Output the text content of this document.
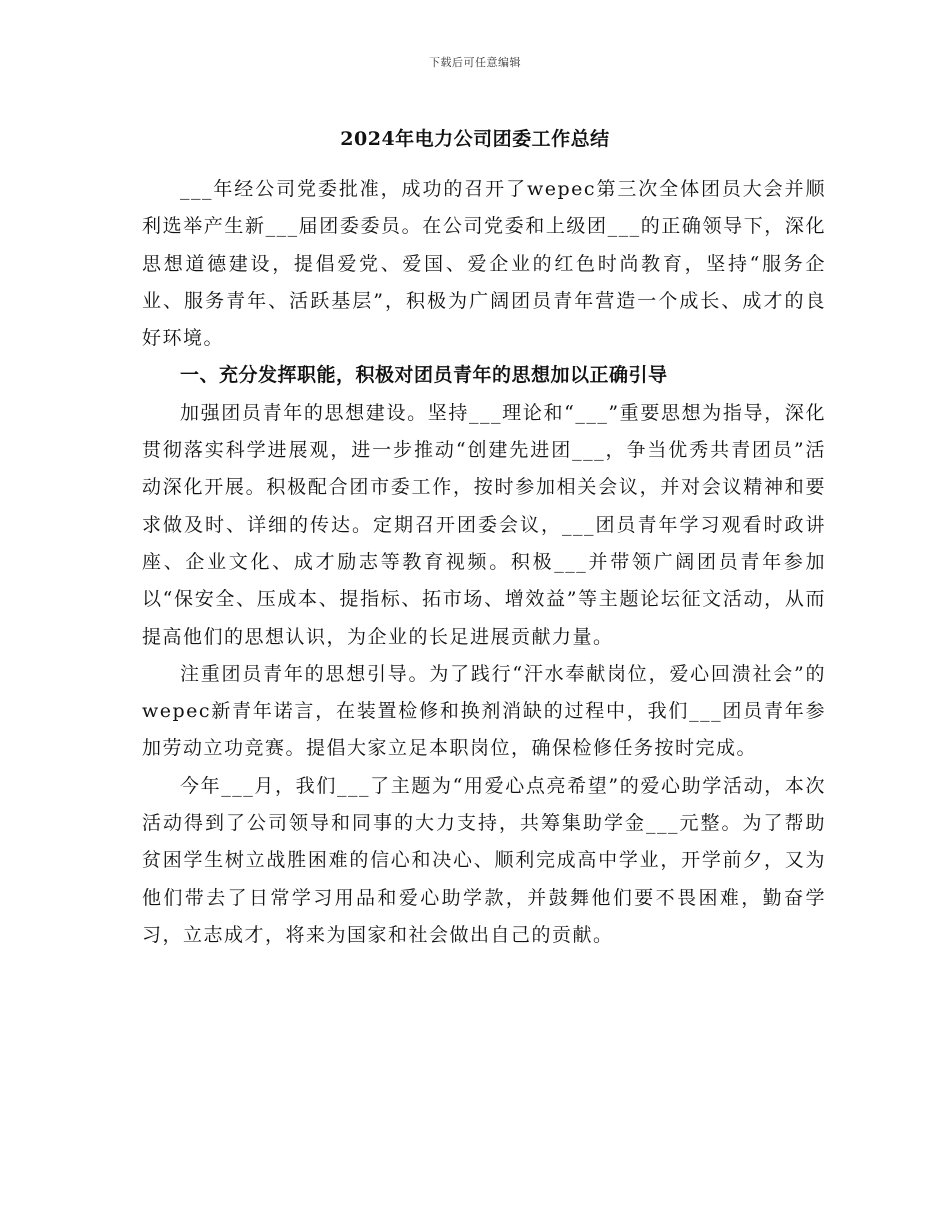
下载后可任意编辑
2024年电力公司团委工作总结

___年经公司党委批准，成功的召开了wepec第三次全体团员大会并顺利选举产生新___届团委委员。在公司党委和上级团___的正确领导下，深化思想道德建设，提倡爱党、爱国、爱企业的红色时尚教育，坚持“服务企业、服务青年、活跃基层”，积极为广阔团员青年营造一个成长、成才的良好环境。

一、充分发挥职能，积极对团员青年的思想加以正确引导

加强团员青年的思想建设。坚持___理论和“___”重要思想为指导，深化贯彻落实科学进展观，进一步推动“创建先进团___，争当优秀共青团员”活动深化开展。积极配合团市委工作，按时参加相关会议，并对会议精神和要求做及时、详细的传达。定期召开团委会议，___团员青年学习观看时政讲座、企业文化、成才励志等教育视频。积极___并带领广阔团员青年参加以“保安全、压成本、提指标、拓市场、增效益”等主题论坛征文活动，从而提高他们的思想认识，为企业的长足进展贡献力量。

注重团员青年的思想引导。为了践行“汗水奉献岗位，爱心回溃社会”的wepec新青年诺言，在装置检修和换剂消缺的过程中，我们___团员青年参加劳动立功竞赛。提倡大家立足本职岗位，确保检修任务按时完成。

今年___月，我们___了主题为“用爱心点亮希望”的爱心助学活动，本次活动得到了公司领导和同事的大力支持，共筹集助学金___元整。为了帮助贫困学生树立战胜困难的信心和决心、顺利完成高中学业，开学前夕，又为他们带去了日常学习用品和爱心助学款，并鼓舞他们要不畏困难，勤奋学习，立志成才，将来为国家和社会做出自己的贡献。
